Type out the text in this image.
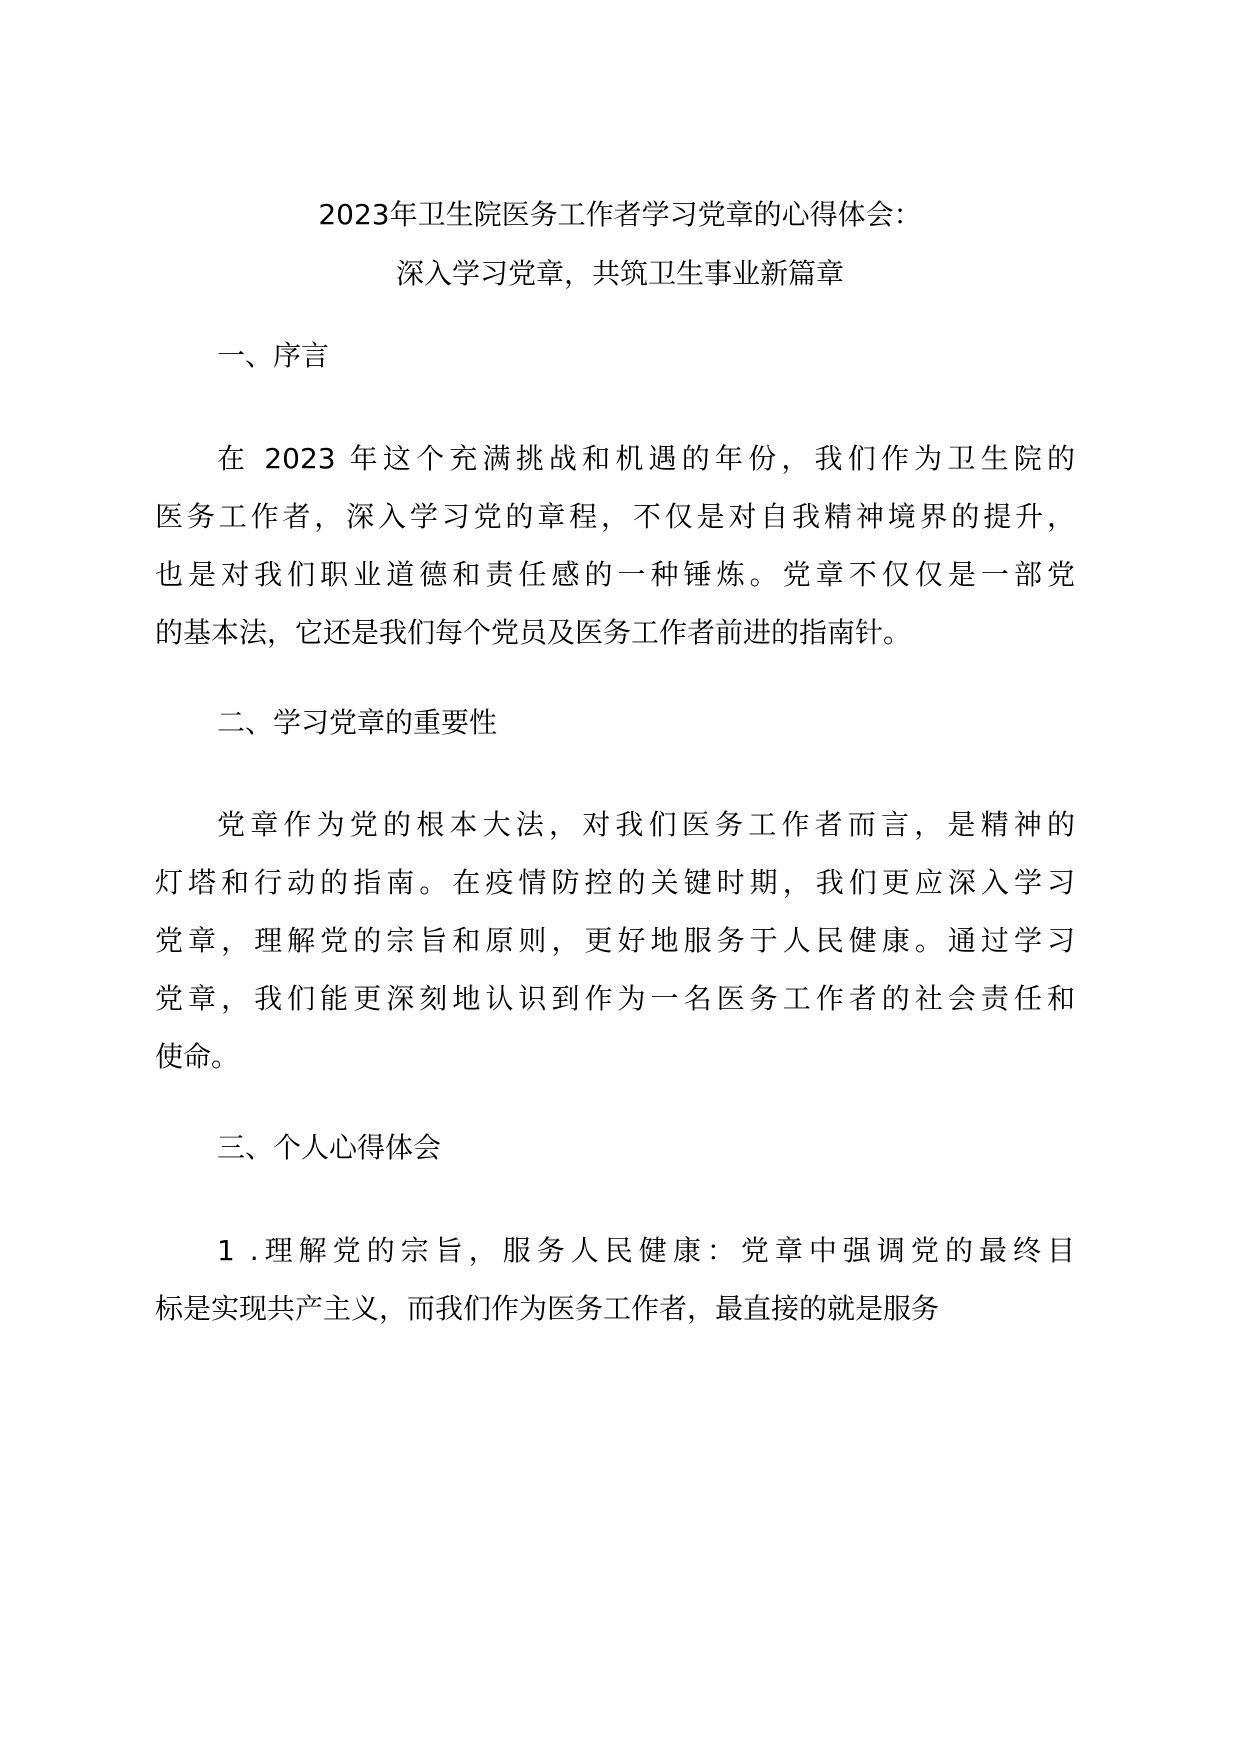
2023年卫生院医务工作者学习党章的心得体会：
深入学习党章，共筑卫生事业新篇章
一、序言
在 2023 年这个充满挑战和机遇的年份，我们作为卫生院的
医务工作者，深入学习党的章程，不仅是对自我精神境界的提升，
也是对我们职业道德和责任感的一种锤炼。党章不仅仅是一部党
的基本法，它还是我们每个党员及医务工作者前进的指南针。
二、学习党章的重要性
党章作为党的根本大法，对我们医务工作者而言，是精神的
灯塔和行动的指南。在疫情防控的关键时期，我们更应深入学习
党章，理解党的宗旨和原则，更好地服务于人民健康。通过学习
党章，我们能更深刻地认识到作为一名医务工作者的社会责任和
使命。
三、个人心得体会
1 .理解党的宗旨，服务人民健康：党章中强调党的最终目
标是实现共产主义，而我们作为医务工作者，最直接的就是服务
